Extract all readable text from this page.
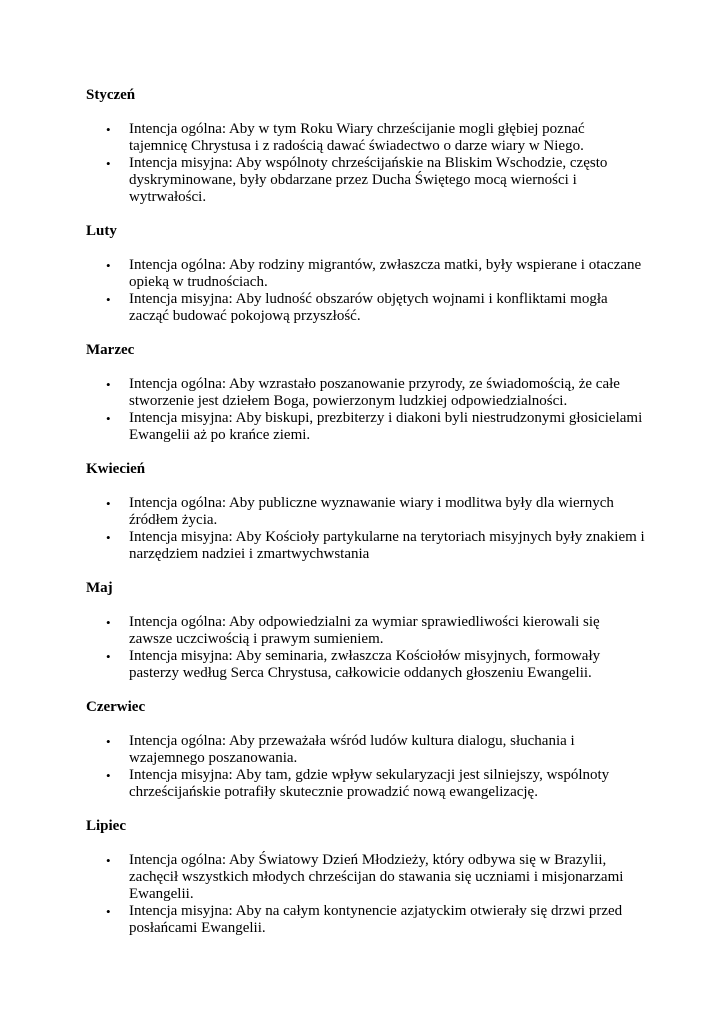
Styczeń
• Intencja ogólna: Aby w tym Roku Wiary chrześcijanie mogli głębiej poznać tajemnicę Chrystusa i z radością dawać świadectwo o darze wiary w Niego.
• Intencja misyjna: Aby wspólnoty chrześcijańskie na Bliskim Wschodzie, często dyskryminowane, były obdarzane przez Ducha Świętego mocą wierności i wytrwałości.
Luty
• Intencja ogólna: Aby rodziny migrantów, zwłaszcza matki, były wspierane i otaczane opieką w trudnościach.
• Intencja misyjna: Aby ludność obszarów objętych wojnami i konfliktami mogła zacząć budować pokojową przyszłość.
Marzec
• Intencja ogólna: Aby wzrastało poszanowanie przyrody, ze świadomością, że całe stworzenie jest dziełem Boga, powierzonym ludzkiej odpowiedzialności.
• Intencja misyjna: Aby biskupi, prezbiterzy i diakoni byli niestrudzonymi głosicielami Ewangelii aż po krańce ziemi.
Kwiecień
• Intencja ogólna: Aby publiczne wyznawanie wiary i modlitwa były dla wiernych źródłem życia.
• Intencja misyjna: Aby Kościoły partykularne na terytoriach misyjnych były znakiem i narzędziem nadziei i zmartwychwstania
Maj
• Intencja ogólna: Aby odpowiedzialni za wymiar sprawiedliwości kierowali się zawsze uczciwością i prawym sumieniem.
• Intencja misyjna: Aby seminaria, zwłaszcza Kościołów misyjnych, formowały pasterzy według Serca Chrystusa, całkowicie oddanych głoszeniu Ewangelii.
Czerwiec
• Intencja ogólna: Aby przeważała wśród ludów kultura dialogu, słuchania i wzajemnego poszanowania.
• Intencja misyjna: Aby tam, gdzie wpływ sekularyzacji jest silniejszy, wspólnoty chrześcijańskie potrafiły skutecznie prowadzić nową ewangelizację.
Lipiec
• Intencja ogólna: Aby Światowy Dzień Młodzieży, który odbywa się w Brazylii, zachęcił wszystkich młodych chrześcijan do stawania się uczniami i misjonarzami Ewangelii.
• Intencja misyjna: Aby na całym kontynencie azjatyckim otwierały się drzwi przed posłańcami Ewangelii.
